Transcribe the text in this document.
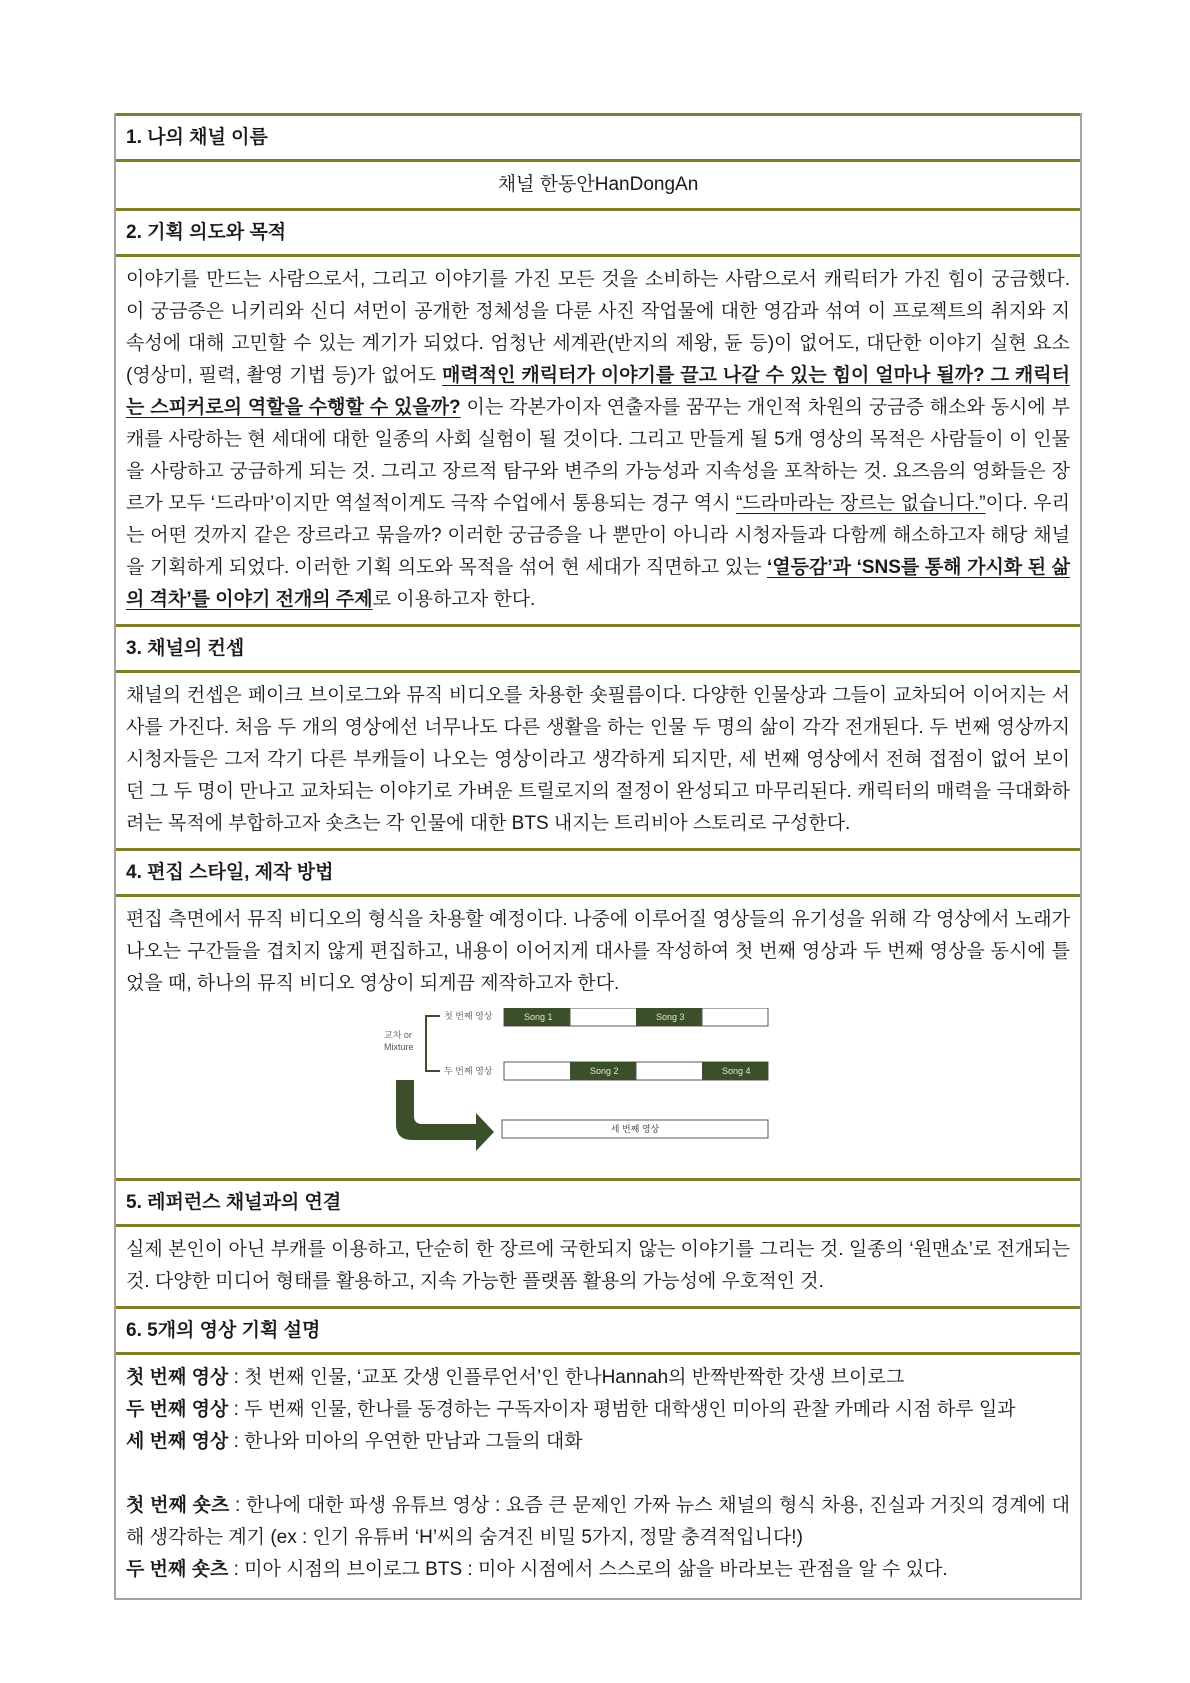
1. 나의 채널 이름
채널 한동안HanDongAn
2. 기획 의도와 목적
이야기를 만드는 사람으로서, 그리고 이야기를 가진 모든 것을 소비하는 사람으로서 캐릭터가 가진 힘이 궁금했다. 이 궁금증은 니키리와 신디 셔먼이 공개한 정체성을 다룬 사진 작업물에 대한 영감과 섞여 이 프로젝트의 취지와 지속성에 대해 고민할 수 있는 계기가 되었다. 엄청난 세계관(반지의 제왕, 듄 등)이 없어도, 대단한 이야기 실현 요소(영상미, 필력, 촬영 기법 등)가 없어도 매력적인 캐릭터가 이야기를 끌고 나갈 수 있는 힘이 얼마나 될까? 그 캐릭터는 스피커로의 역할을 수행할 수 있을까? 이는 각본가이자 연출자를 꿈꾸는 개인적 차원의 궁금증 해소와 동시에 부캐를 사랑하는 현 세대에 대한 일종의 사회 실험이 될 것이다. 그리고 만들게 될 5개 영상의 목적은 사람들이 이 인물을 사랑하고 궁금하게 되는 것. 그리고 장르적 탐구와 변주의 가능성과 지속성을 포착하는 것. 요즈음의 영화들은 장르가 모두 ‘드라마’이지만 역설적이게도 극작 수업에서 통용되는 경구 역시 “드라마라는 장르는 없습니다.”이다. 우리는 어떤 것까지 같은 장르라고 묶을까? 이러한 궁금증을 나 뿐만이 아니라 시청자들과 다함께 해소하고자 해당 채널을 기획하게 되었다. 이러한 기획 의도와 목적을 섞어 현 세대가 직면하고 있는 ‘열등감’과 ‘SNS를 통해 가시화 된 삶의 격차’를 이야기 전개의 주제로 이용하고자 한다.
3. 채널의 컨셉
채널의 컨셉은 페이크 브이로그와 뮤직 비디오를 차용한 숏필름이다. 다양한 인물상과 그들이 교차되어 이어지는 서사를 가진다. 처음 두 개의 영상에선 너무나도 다른 생활을 하는 인물 두 명의 삶이 각각 전개된다. 두 번째 영상까지 시청자들은 그저 각기 다른 부캐들이 나오는 영상이라고 생각하게 되지만, 세 번째 영상에서 전혀 접점이 없어 보이던 그 두 명이 만나고 교차되는 이야기로 가벼운 트릴로지의 절정이 완성되고 마무리된다. 캐릭터의 매력을 극대화하려는 목적에 부합하고자 숏츠는 각 인물에 대한 BTS 내지는 트리비아 스토리로 구성한다.
4. 편집 스타일, 제작 방법
편집 측면에서 뮤직 비디오의 형식을 차용할 예정이다. 나중에 이루어질 영상들의 유기성을 위해 각 영상에서 노래가 나오는 구간들을 겹치지 않게 편집하고, 내용이 이어지게 대사를 작성하여 첫 번째 영상과 두 번째 영상을 동시에 틀었을 때, 하나의 뮤직 비디오 영상이 되게끔 제작하고자 한다.
교차 or
Mixture
첫 번째 영상
두 번째 영상
Song 1	Song 3
Song 2	Song 4
세 번째 영상
5. 레퍼런스 채널과의 연결
실제 본인이 아닌 부캐를 이용하고, 단순히 한 장르에 국한되지 않는 이야기를 그리는 것. 일종의 ‘원맨쇼’로 전개되는 것. 다양한 미디어 형태를 활용하고, 지속 가능한 플랫폼 활용의 가능성에 우호적인 것.
6. 5개의 영상 기획 설명
첫 번째 영상 : 첫 번째 인물, ‘교포 갓생 인플루언서’인 한나Hannah의 반짝반짝한 갓생 브이로그
두 번째 영상 : 두 번째 인물, 한나를 동경하는 구독자이자 평범한 대학생인 미아의 관찰 카메라 시점 하루 일과
세 번째 영상 : 한나와 미아의 우연한 만남과 그들의 대화
첫 번째 숏츠 : 한나에 대한 파생 유튜브 영상 : 요즘 큰 문제인 가짜 뉴스 채널의 형식 차용, 진실과 거짓의 경계에 대해 생각하는 계기 (ex : 인기 유튜버 ‘H’씨의 숨겨진 비밀 5가지, 정말 충격적입니다!)
두 번째 숏츠 : 미아 시점의 브이로그 BTS : 미아 시점에서 스스로의 삶을 바라보는 관점을 알 수 있다.
